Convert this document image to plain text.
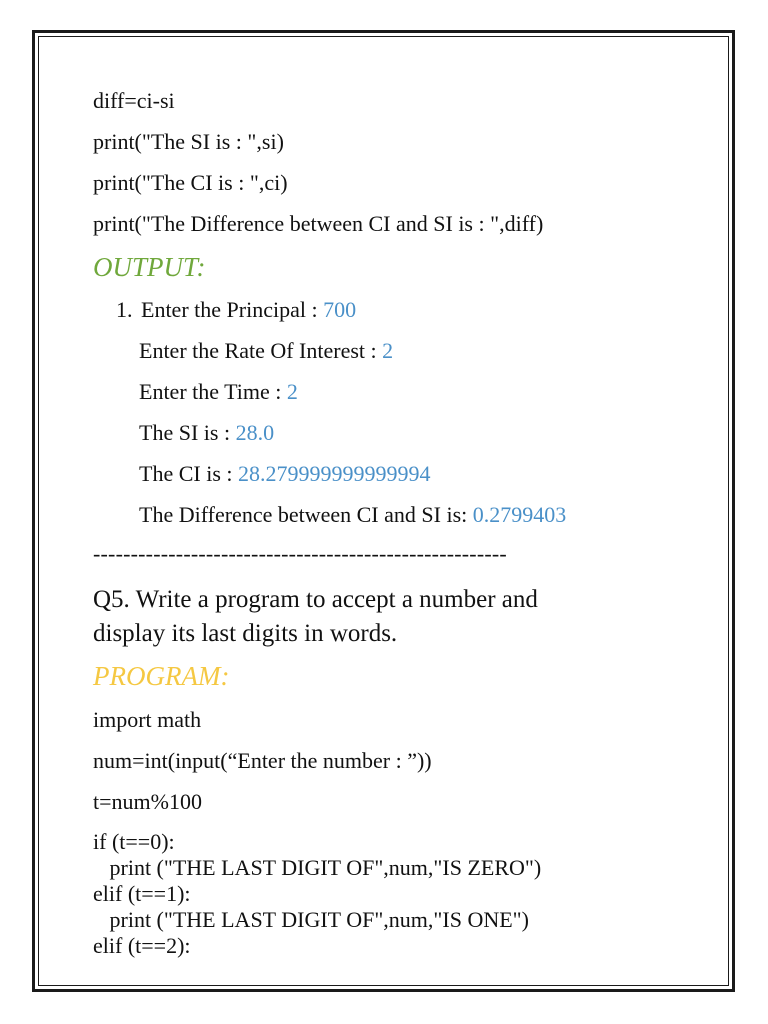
diff=ci-si
print("The SI is : ",si)
print("The CI is : ",ci)
print("The Difference between CI and SI is : ",diff)
OUTPUT:
1. Enter the Principal : 700
Enter the Rate Of Interest : 2
Enter the Time : 2
The SI is : 28.0
The CI is : 28.279999999999994
The Difference between CI and SI is: 0.2799403
-------------------------------------------------------
Q5. Write a program to accept a number and
display its last digits in words.
PROGRAM:
import math
num=int(input(“Enter the number : ”))
t=num%100
if (t==0):
print ("THE LAST DIGIT OF",num,"IS ZERO")
elif (t==1):
print ("THE LAST DIGIT OF",num,"IS ONE")
elif (t==2):
